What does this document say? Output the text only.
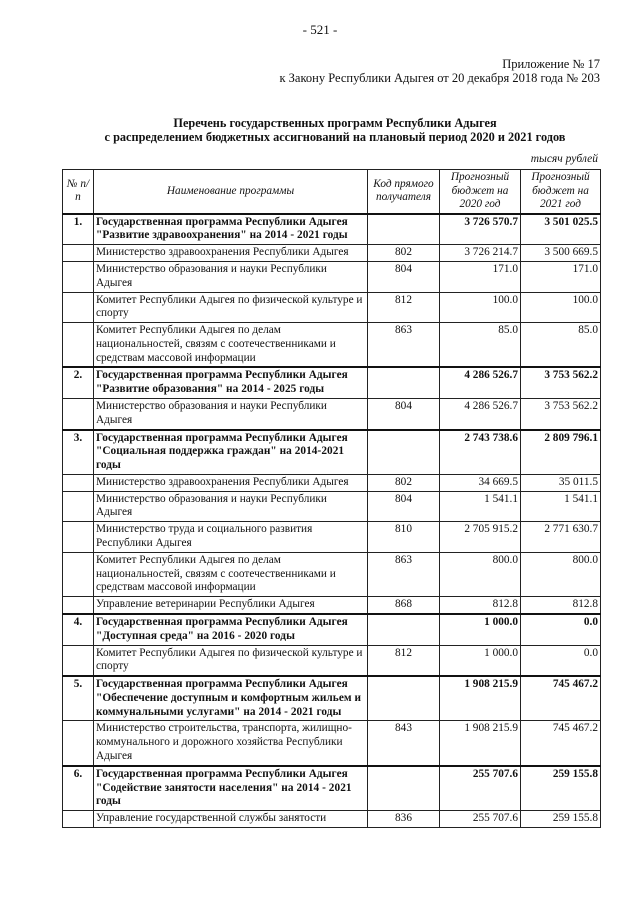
- 521 -
Приложение № 17
к Закону Республики Адыгея от 20 декабря 2018 года № 203
Перечень государственных программ Республики Адыгея
с распределением бюджетных ассигнований на плановый период 2020 и 2021 годов
тысяч рублей
№ п/п	Наименование программы	Код прямого получателя	Прогнозный бюджет на 2020 год	Прогнозный бюджет на 2021 год
1.	Государственная программа Республики Адыгея "Развитие здравоохранения" на 2014 - 2021 годы		3 726 570.7	3 501 025.5
	Министерство здравоохранения Республики Адыгея	802	3 726 214.7	3 500 669.5
	Министерство образования и науки Республики Адыгея	804	171.0	171.0
	Комитет Республики Адыгея по физической культуре и спорту	812	100.0	100.0
	Комитет Республики Адыгея по делам национальностей, связям с соотечественниками и средствам массовой информации	863	85.0	85.0
2.	Государственная программа Республики Адыгея "Развитие образования" на 2014 - 2025 годы		4 286 526.7	3 753 562.2
	Министерство образования и науки Республики Адыгея	804	4 286 526.7	3 753 562.2
3.	Государственная программа Республики Адыгея "Социальная поддержка граждан" на 2014-2021 годы		2 743 738.6	2 809 796.1
	Министерство здравоохранения Республики Адыгея	802	34 669.5	35 011.5
	Министерство образования и науки Республики Адыгея	804	1 541.1	1 541.1
	Министерство труда и социального развития Республики Адыгея	810	2 705 915.2	2 771 630.7
	Комитет Республики Адыгея по делам национальностей, связям с соотечественниками и средствам массовой информации	863	800.0	800.0
	Управление ветеринарии Республики Адыгея	868	812.8	812.8
4.	Государственная программа Республики Адыгея "Доступная среда" на 2016 - 2020 годы		1 000.0	0.0
	Комитет Республики Адыгея по физической культуре и спорту	812	1 000.0	0.0
5.	Государственная программа Республики Адыгея "Обеспечение доступным и комфортным жильем и коммунальными услугами" на 2014 - 2021 годы		1 908 215.9	745 467.2
	Министерство строительства, транспорта, жилищно-коммунального и дорожного хозяйства Республики Адыгея	843	1 908 215.9	745 467.2
6.	Государственная программа Республики Адыгея "Содействие занятости населения" на 2014 - 2021 годы		255 707.6	259 155.8
	Управление государственной службы занятости	836	255 707.6	259 155.8
